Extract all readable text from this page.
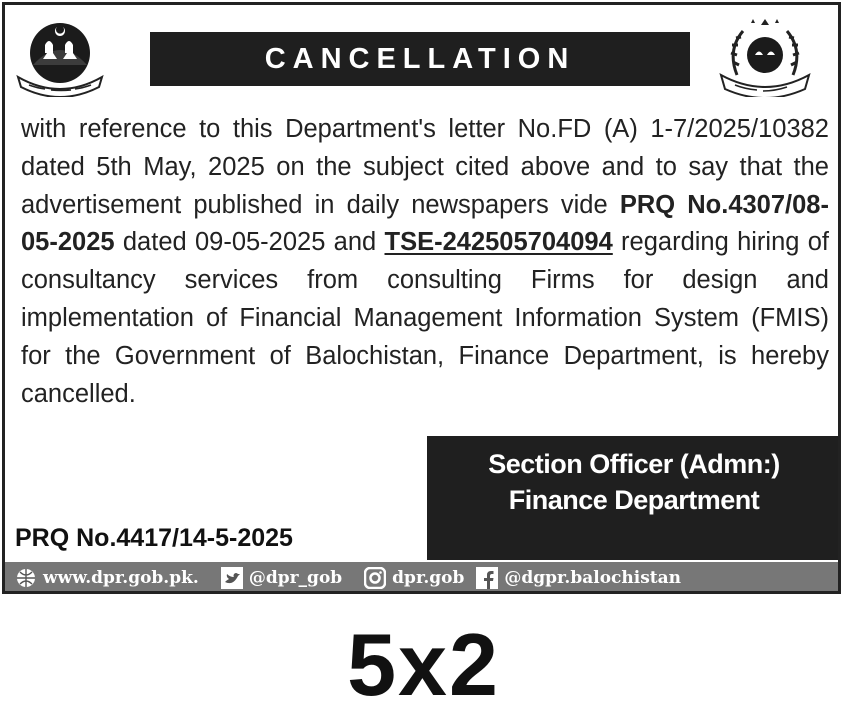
CANCELLATION
with reference to this Department's letter No.FD (A) 1-7/2025/10382 dated 5th May, 2025 on the subject cited above and to say that the advertisement published in daily newspapers vide PRQ No.4307/08-05-2025 dated 09-05-2025 and TSE-242505704094 regarding hiring of consultancy services from consulting Firms for design and implementation of Financial Management Information System (FMIS) for the Government of Balochistan, Finance Department, is hereby cancelled.
Section Officer (Admn:)
Finance Department
PRQ No.4417/14-5-2025
www.dpr.gob.pk.	@dpr_gob	dpr.gob @dgpr.balochistan
5x2
